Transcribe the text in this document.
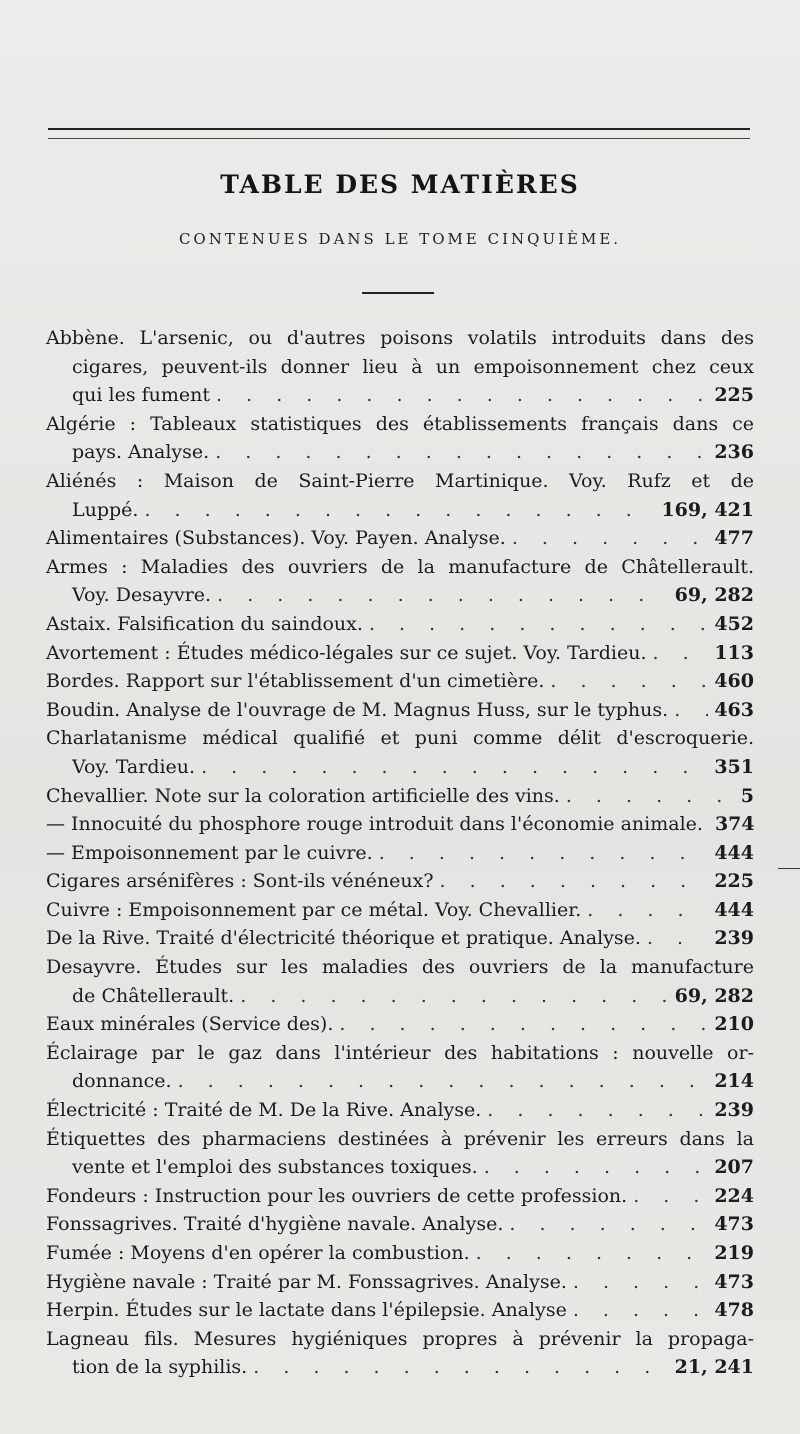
TABLE DES MATIÈRES
CONTENUES DANS LE TOME CINQUIÈME.
Abbène. L'arsenic, ou d'autres poisons volatils introduits dans des
cigares, peuvent-ils donner lieu à un empoisonnement chez ceux
qui les fument . . .	225
Algérie : Tableaux statistiques des établissements français dans ce
pays. Analyse. . . .	236
Aliénés : Maison de Saint-Pierre Martinique. Voy. Rufz et de
Luppé. . . .	169, 421
Alimentaires (Substances). Voy. Payen. Analyse. . . .	477
Armes : Maladies des ouvriers de la manufacture de Châtellerault.
Voy. Desayvre. . . .	69, 282
Astaix. Falsification du saindoux. . . .	452
Avortement : Études médico-légales sur ce sujet. Voy. Tardieu. . . .	113
Bordes. Rapport sur l'établissement d'un cimetière. . . .	460
Boudin. Analyse de l'ouvrage de M. Magnus Huss, sur le typhus. . . . 463
Charlatanisme médical qualifié et puni comme délit d'escroquerie.
Voy. Tardieu. . . .	351
Chevallier. Note sur la coloration artificielle des vins. . . .	5
— Innocuité du phosphore rouge introduit dans l'économie animale. 374
— Empoisonnement par le cuivre. . . .	444
Cigares arsénifères : Sont-ils vénéneux? . . .	225
Cuivre : Empoisonnement par ce métal. Voy. Chevallier. . . .	444
De la Rive. Traité d'électricité théorique et pratique. Analyse. . . .	239
Desayvre. Études sur les maladies des ouvriers de la manufacture
de Châtellerault. . . .	69, 282
Eaux minérales (Service des). . . .	210
Éclairage par le gaz dans l'intérieur des habitations : nouvelle or-
donnance. . . .	214
Électricité : Traité de M. De la Rive. Analyse. . . .	239
Étiquettes des pharmaciens destinées à prévenir les erreurs dans la
vente et l'emploi des substances toxiques. . . .	207
Fondeurs : Instruction pour les ouvriers de cette profession. . . .	224
Fonssagrives. Traité d'hygiène navale. Analyse. . . .	473
Fumée : Moyens d'en opérer la combustion. . . .	219
Hygiène navale : Traité par M. Fonssagrives. Analyse. . . .	473
Herpin. Études sur le lactate dans l'épilepsie. Analyse . . .	478
Lagneau fils. Mesures hygiéniques propres à prévenir la propaga-
tion de la syphilis. . . .	21, 241
